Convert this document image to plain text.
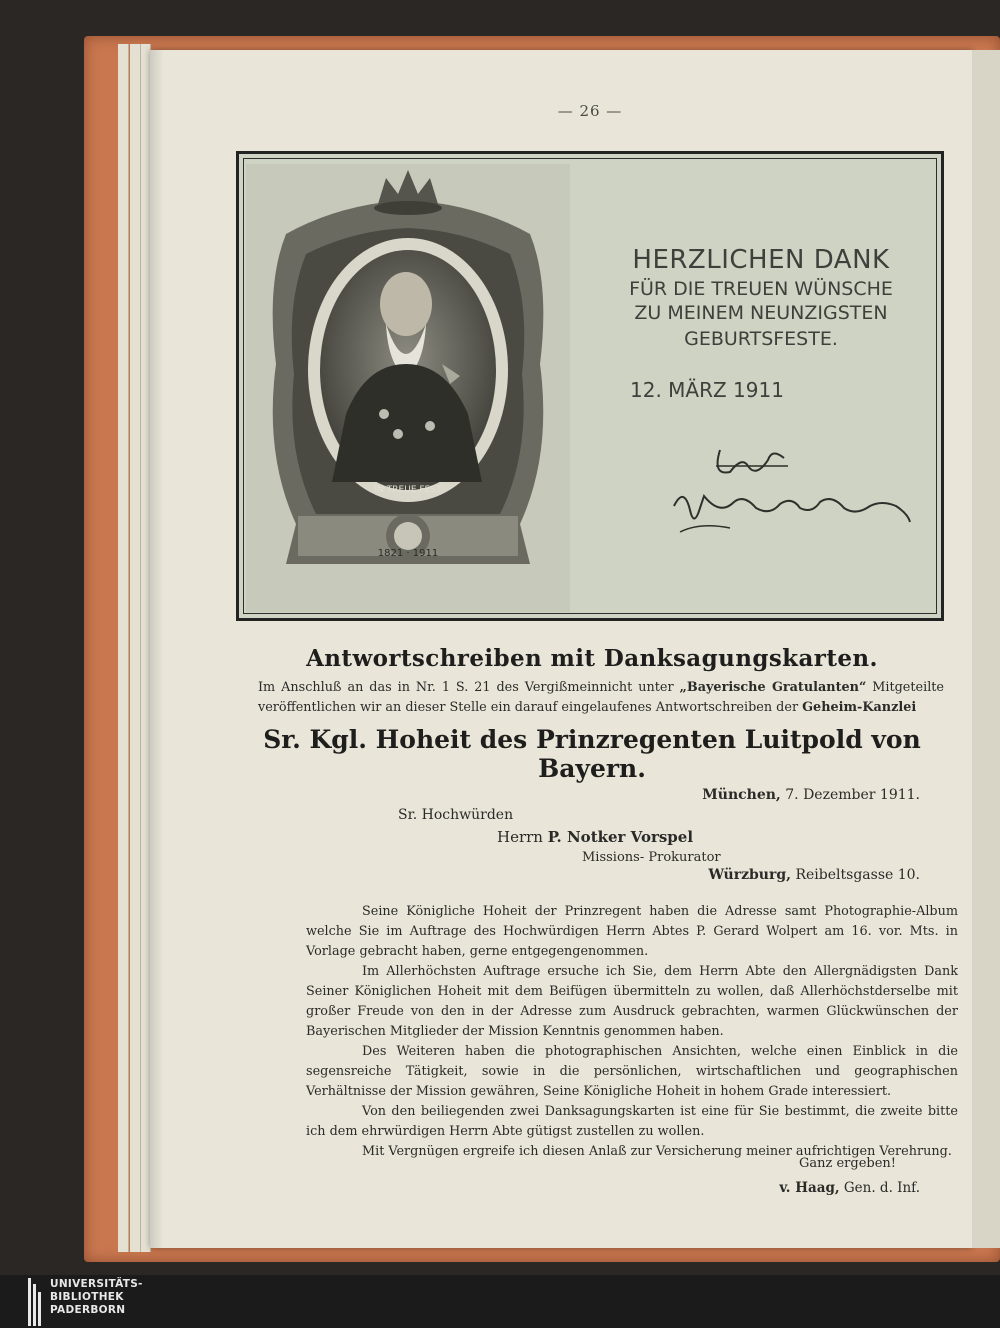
— 26 —
1821 · 1911
IN TREUE FEST
HERZLICHEN DANK
FÜR DIE TREUEN WÜNSCHE
ZU MEINEM NEUNZIGSTEN
GEBURTSFESTE.
12. MÄRZ 1911
Antwortschreiben mit Danksagungskarten.
Im Anschluß an das in Nr. 1 S. 21 des Vergißmeinnicht unter „Bayerische Gratulanten“ Mitgeteilte veröffentlichen wir an dieser Stelle ein darauf eingelaufenes Antwortschreiben der Geheim-Kanzlei
Sr. Kgl. Hoheit des Prinzregenten Luitpold von Bayern.
München, 7. Dezember 1911.
Sr. Hochwürden
Herrn P. Notker Vorspel
Missions- Prokurator
Würzburg, Reibeltsgasse 10.

Seine Königliche Hoheit der Prinzregent haben die Adresse samt Photographie-Album welche Sie im Auftrage des Hochwürdigen Herrn Abtes P. Gerard Wolpert am 16. vor. Mts. in Vorlage gebracht haben, gerne entgegengenommen.

Im Allerhöchsten Auftrage ersuche ich Sie, dem Herrn Abte den Allergnädigsten Dank Seiner Königlichen Hoheit mit dem Beifügen übermitteln zu wollen, daß Allerhöchstderselbe mit großer Freude von den in der Adresse zum Ausdruck gebrachten, warmen Glückwünschen der Bayerischen Mitglieder der Mission Kenntnis genommen haben.

Des Weiteren haben die photographischen Ansichten, welche einen Einblick in die segensreiche Tätigkeit, sowie in die persönlichen, wirtschaftlichen und geographischen Verhältnisse der Mission gewähren, Seine Königliche Hoheit in hohem Grade interessiert.

Von den beiliegenden zwei Danksagungskarten ist eine für Sie bestimmt, die zweite bitte ich dem ehrwürdigen Herrn Abte gütigst zustellen zu wollen.

Mit Vergnügen ergreife ich diesen Anlaß zur Versicherung meiner aufrichtigen Verehrung.

Ganz ergeben!
v. Haag, Gen. d. Inf.
UNIVERSITÄTS-
BIBLIOTHEK
PADERBORN
